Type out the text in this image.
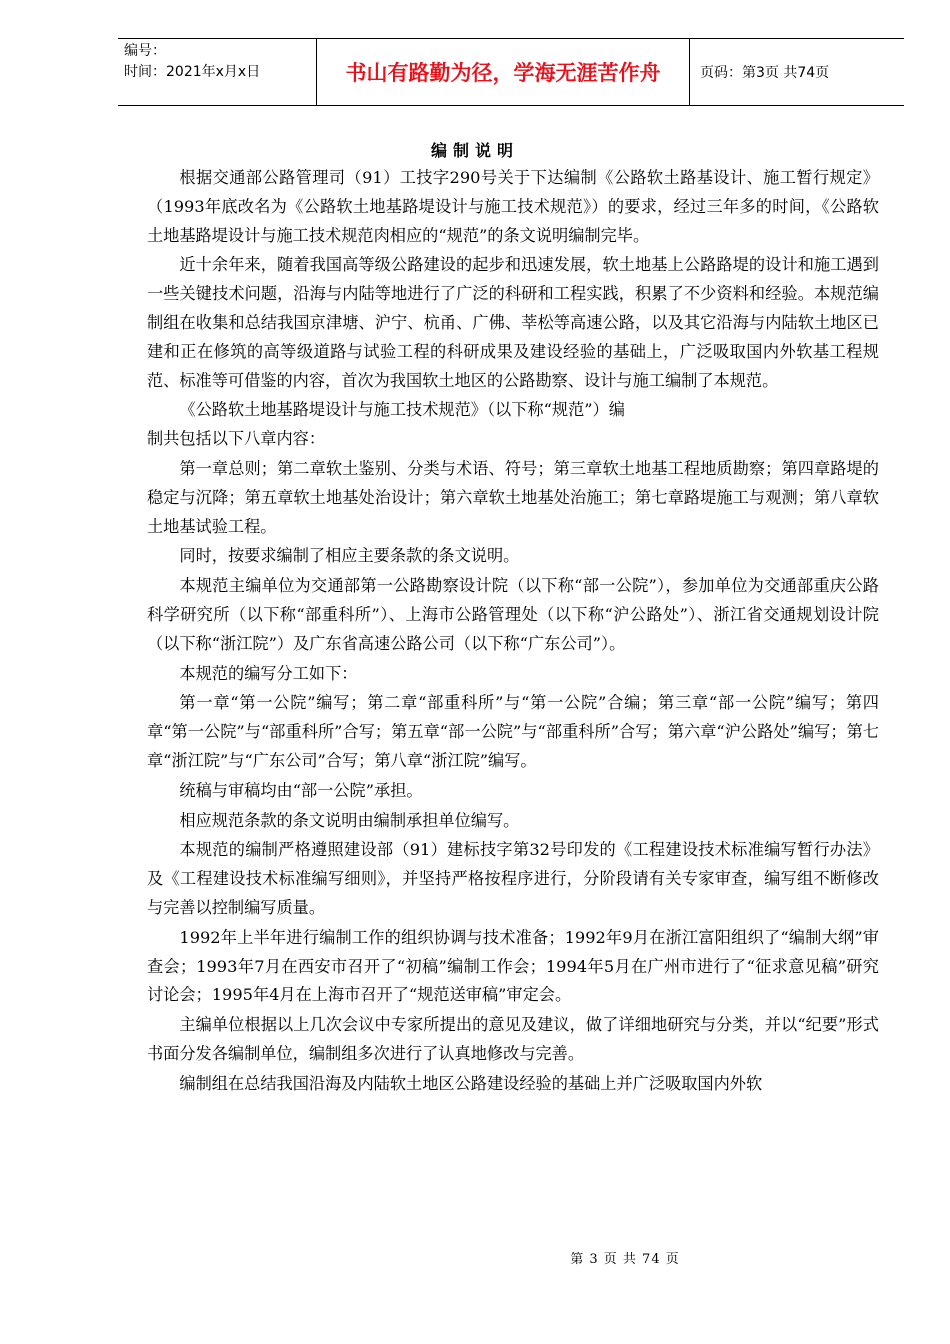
编号：
时间：2021年x月x日	书山有路勤为径，学海无涯苦作舟	页码：第3页 共74页
编制说明

根据交通部公路管理司（91）工技字290号关于下达编制《公路软土路基设计、施工暂行规定》（1993年底改名为《公路软土地基路堤设计与施工技术规范》）的要求，经过三年多的时间，《公路软土地基路堤设计与施工技术规范肉相应的“规范”的条文说明编制完毕。

近十余年来，随着我国高等级公路建设的起步和迅速发展，软土地基上公路路堤的设计和施工遇到一些关键技术问题，沿海与内陆等地进行了广泛的科研和工程实践，积累了不少资料和经验。本规范编制组在收集和总结我国京津塘、沪宁、杭甬、广佛、莘松等高速公路，以及其它沿海与内陆软土地区已建和正在修筑的高等级道路与试验工程的科研成果及建设经验的基础上，广泛吸取国内外软基工程规范、标准等可借鉴的内容，首次为我国软土地区的公路勘察、设计与施工编制了本规范。

《公路软土地基路堤设计与施工技术规范》（以下称“规范”）编

制共包括以下八章内容：

第一章总则；第二章软土鉴别、分类与术语、符号；第三章软土地基工程地质勘察；第四章路堤的稳定与沉降；第五章软土地基处治设计；第六章软土地基处治施工；第七章路堤施工与观测；第八章软土地基试验工程。

同时，按要求编制了相应主要条款的条文说明。

本规范主编单位为交通部第一公路勘察设计院（以下称“部一公院”），参加单位为交通部重庆公路科学研究所（以下称“部重科所”）、上海市公路管理处（以下称“沪公路处”）、浙江省交通规划设计院（以下称“浙江院”）及广东省高速公路公司（以下称“广东公司”）。

本规范的编写分工如下：

第一章“第一公院”编写；第二章“部重科所”与“第一公院”合编；第三章“部一公院”编写；第四章“第一公院”与“部重科所”合写；第五章“部一公院”与“部重科所”合写；第六章“沪公路处”编写；第七章“浙江院”与“广东公司”合写；第八章“浙江院”编写。

统稿与审稿均由“部一公院”承担。

相应规范条款的条文说明由编制承担单位编写。

本规范的编制严格遵照建设部（91）建标技字第32号印发的《工程建设技术标准编写暂行办法》及《工程建设技术标准编写细则》，并坚持严格按程序进行，分阶段请有关专家审查，编写组不断修改与完善以控制编写质量。

1992年上半年进行编制工作的组织协调与技术准备；1992年9月在浙江富阳组织了“编制大纲”审查会；1993年7月在西安市召开了“初稿”编制工作会；1994年5月在广州市进行了“征求意见稿”研究讨论会；1995年4月在上海市召开了“规范送审稿”审定会。

主编单位根据以上几次会议中专家所提出的意见及建议，做了详细地研究与分类，并以“纪要”形式书面分发各编制单位，编制组多次进行了认真地修改与完善。

编制组在总结我国沿海及内陆软土地区公路建设经验的基础上并广泛吸取国内外软

第 3 页 共 74 页
